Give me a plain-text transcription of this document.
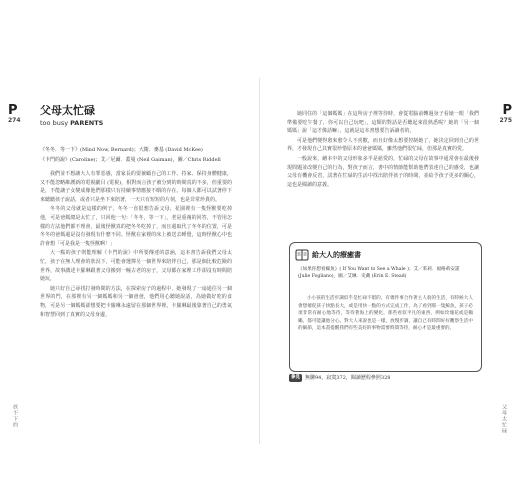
P
274
放不下的
父母太忙碌
too busy PARENTS
《冬冬．等一下》(Mind Now, Bernard)；大衛．麥基 (David McKee)
《卡門的說》(Caroline)；艾／尼爾．蓋曼 (Neil Gaiman)，圖／Chris Riddell

我們並不想讓大人有罪惡感，當家長的要兼顧自己的工作、持家、保持身體健康，又不能忽略維護新的電視劇目 (電視)，相對而言孩子被分到的時間真的不多，但重要的是，不能讓子女變成像他們那樣只有持續事情應接不暇的存在。每個人都可以試著停下來聽聽孩子說話，或者只是坐下來陪著，一天只有短短的片刻，也是非常珍貴的。

冬冬的父母就是這樣的例子，冬冬一直很想告訴父母，花園裡有一隻怪獸要吃掉他，可是爸媽總是太忙了，只回他一句：「冬冬，等一下」，老是重複的回答，不管用怎樣的方法他們都不理會，最後怪獸真的把冬冬吃掉了，而且還取代了冬冬的位置，可是冬冬的爸媽還是沒有發現有什麼不同。怪獸在家裡的床上被送去睡覺，這時怪獸心中也許會想「可是我是一隻怪獸啊！」

大一點的孩子則能理解《卡門的說》中所要傳達的意涵，這本書告訴我們父母太忙，孩子在無人理會的狀況下，可能會選擇另一個世界來陪伴自己，那是個比較危險的世界，故事講述卡羅琳跟著父母搬到一幢古老的房子，父母都在家裡工作卻沒有時間陪她玩，

她只好自己尋找打發時間的方法，在探索房子的過程中，她發現了一扇通往另一個世界的門，在那裡有另一個媽媽和另一個爸爸，他們用心聽她說話，為她做好吃的食物，可是另一個媽媽卻想要把卡羅琳永遠留在那個世界裡。卡羅琳最後靠著自己的勇氣和智慧回到了真實的父母身邊。

P
275
父母太忙碌

她同住的「這個媽媽」在這所房子裡等待時，會從電腦前轉過身子看她一眼「我們準備要吃午餐了，你可以自己玩吧」，這類的對話是否聽起來很熟悉呢？她的「另一個媽媽」說「這才像話嘛」，這就是這本書想要告訴讀者的。

可是他們變得愈來愈令人不喜歡，而且好像太想要控制她了，她決定回到自己的世界，才發現自己其實很珍惜原本的爸爸媽媽，雖然他們很忙碌，但那是真實的愛。

一般說來，繪本中的父母形象多半是慈愛的，忙碌的父母在故事中通常會在最後發現問題並改變自己的行為，對孩子而言，書中的情節能幫助他們表達自己的感受，也讓父母有機會反省，試著在忙碌的生活中找出陪伴孩子的時間，並給予孩子更多的關心，這也是閱讀的意義。

給大人的療癒書
《如果你想看鯨魚》( If You Want to See a Whale )；艾／茱莉．福格莉安諾 (Julie Fogliano)，圖／艾琳．史戴 (Erin E. Stead)

小小孩的生活步調似乎是忙碌不堪的，有幾件事合作著主人翁的生活，有時候大人會想催促孩子快點長大，或是用快一點的方式完成工作，為了看到那一隻鯨魚，孩子必須非常有耐心地等待，等待著海上的變化，那些看似平凡的東西，例如玫瑰花或是鵜鶘，都可能讓他分心。對大人來說也是一樣，放慢步調，讓自己有時間好好觀察生活中的細節，這本書提醒我們有些美好的事物需要時間等待，耐心才是最重要的。

參見	無聊94，寂寞372，閱讀歷程參照328
